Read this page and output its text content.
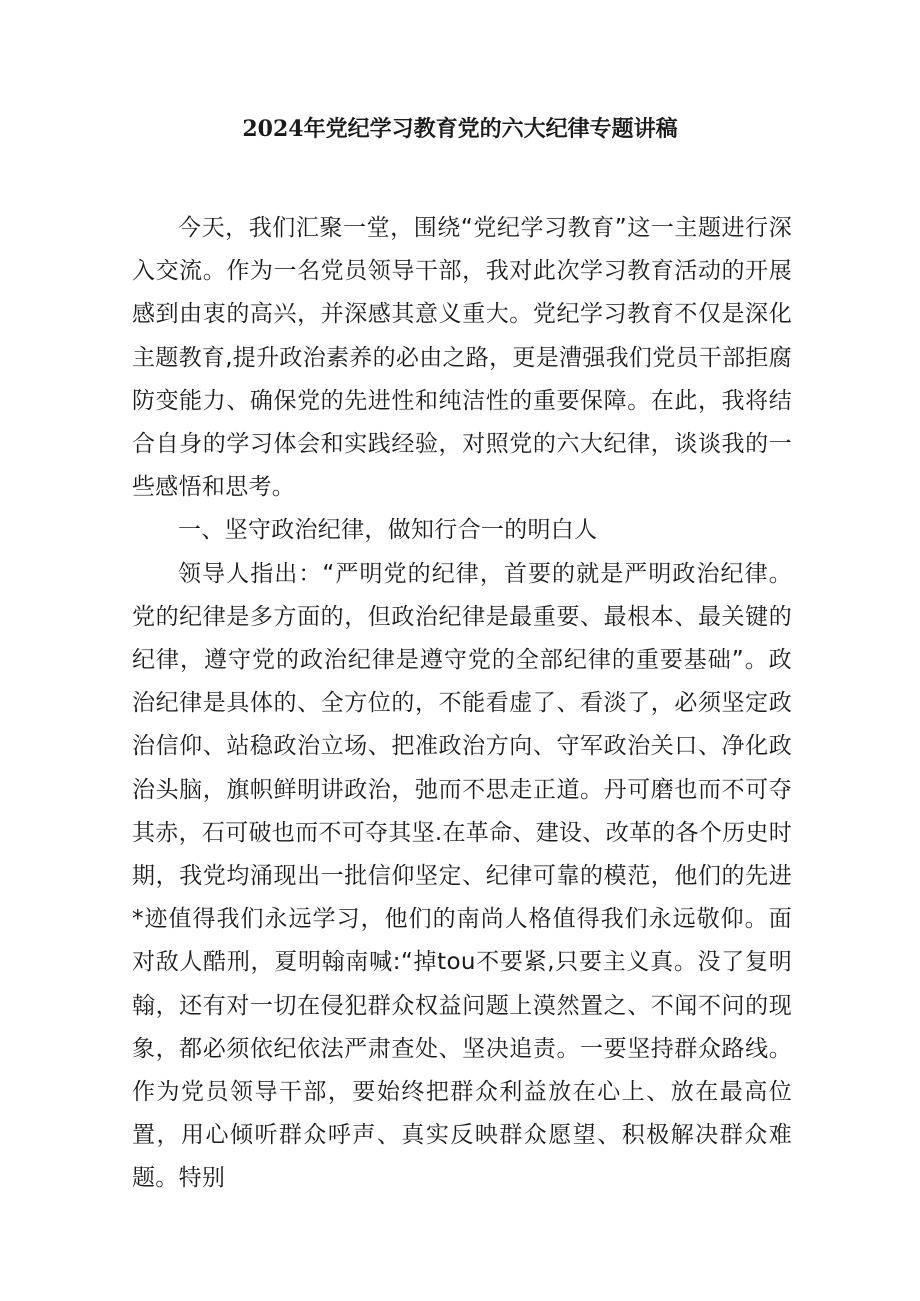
2024年党纪学习教育党的六大纪律专题讲稿

今天，我们汇聚一堂，围绕“党纪学习教育”这一主题进行深入交流。作为一名党员领导干部，我对此次学习教育活动的开展感到由衷的高兴，并深感其意义重大。党纪学习教育不仅是深化主题教育,提升政治素养的必由之路，更是漕强我们党员干部拒腐防变能力、确保党的先进性和纯洁性的重要保障。在此，我将结合自身的学习体会和实践经验，对照党的六大纪律，谈谈我的一些感悟和思考。

一、坚守政治纪律，做知行合一的明白人

领导人指出：“严明党的纪律，首要的就是严明政治纪律。党的纪律是多方面的，但政治纪律是最重要、最根本、最关键的纪律，遵守党的政治纪律是遵守党的全部纪律的重要基础”。政治纪律是具体的、全方位的，不能看虚了、看淡了，必须坚定政治信仰、站稳政治立场、把准政治方向、守军政治关口、净化政治头脑，旗帜鲜明讲政治，弛而不思走正道。丹可磨也而不可夺其赤，石可破也而不可夺其坚.在革命、建设、改革的各个历史时期，我党均涌现出一批信仰坚定、纪律可靠的模范，他们的先进*迹值得我们永远学习，他们的南尚人格值得我们永远敬仰。面对敌人酷刑，夏明翰南喊:“掉tou不要紧,只要主义真。没了复明翰，还有对一切在侵犯群众权益问题上漠然置之、不闻不问的现象，都必须依纪依法严肃查处、坚决追责。一要坚持群众路线。作为党员领导干部，要始终把群众利益放在心上、放在最高位置，用心倾听群众呼声、真实反映群众愿望、积极解决群众难题。特别
